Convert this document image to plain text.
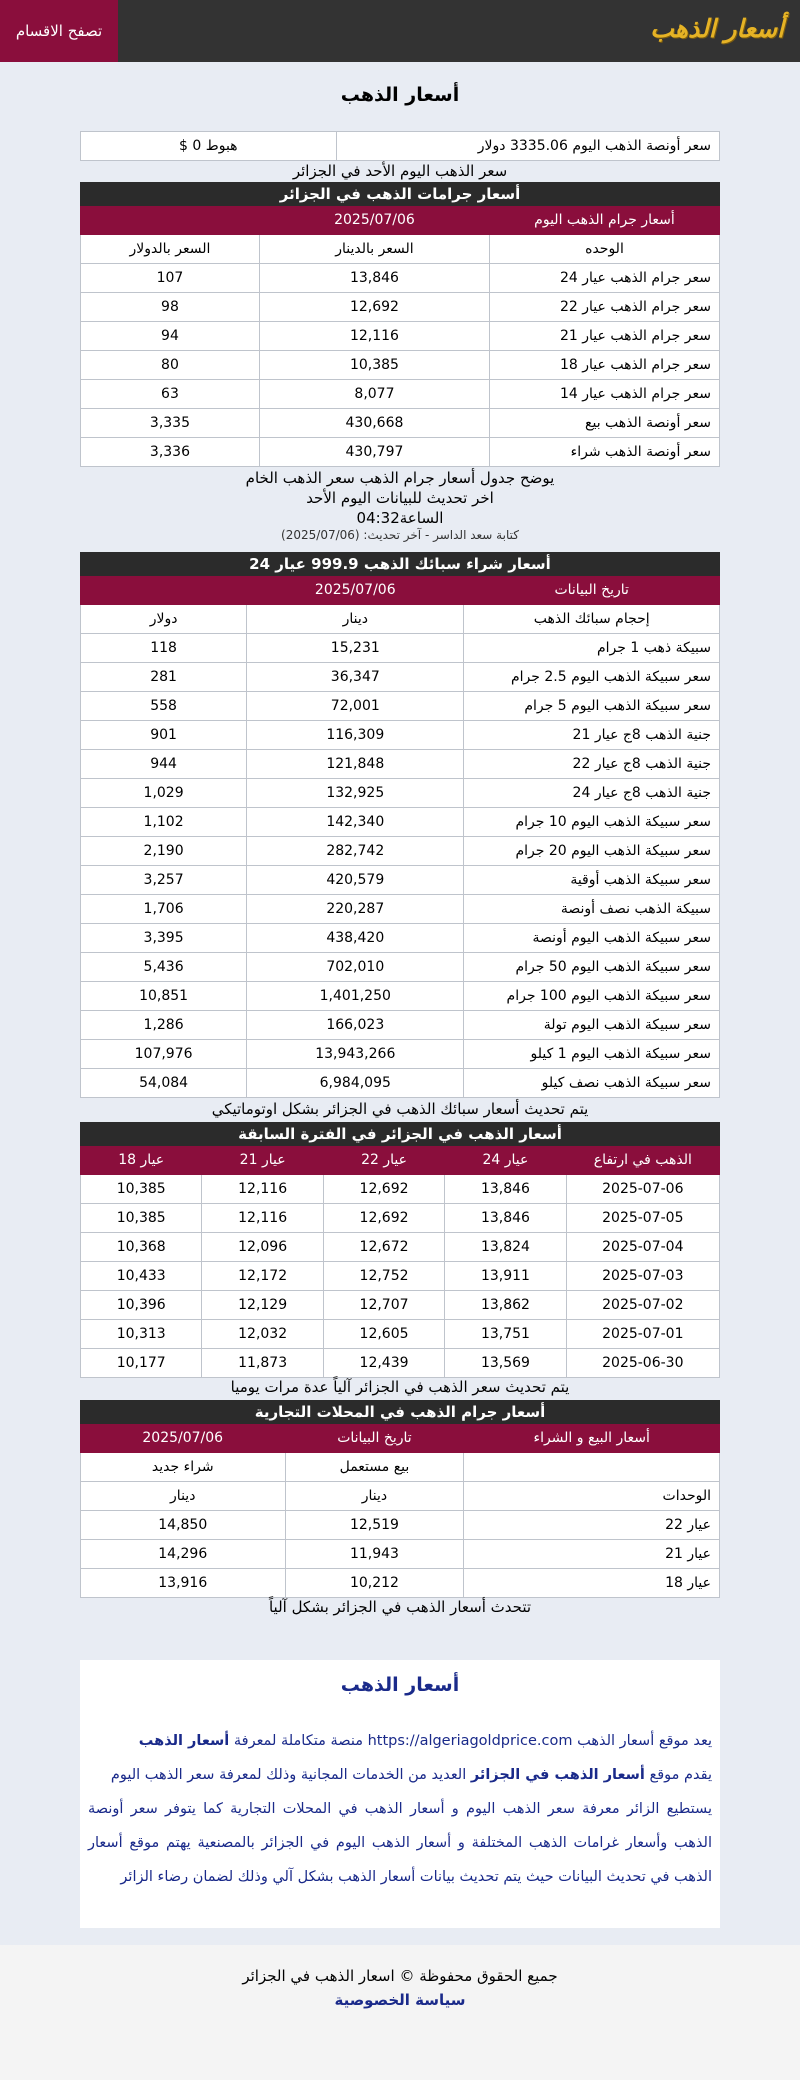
تصفح الاقسام	أسعار الذهب
أسعار الذهب
سعر أونصة الذهب اليوم 3335.06 دولار	هبوط 0 $
سعر الذهب اليوم الأحد في الجزائر
أسعار جرامات الذهب في الجزائر		
أسعار جرام الذهب اليوم	2025/07/06	
الوحده	السعر بالدينار	السعر بالدولار
سعر جرام الذهب عيار 24	13,846	107
سعر جرام الذهب عيار 22	12,692	98
سعر جرام الذهب عيار 21	12,116	94
سعر جرام الذهب عيار 18	10,385	80
سعر جرام الذهب عيار 14	8,077	63
سعر أونصة الذهب بيع	430,668	3,335
سعر أونصة الذهب شراء	430,797	3,336
يوضح جدول أسعار جرام الذهب سعر الذهب الخام
اخر تحديث للبيانات اليوم الأحد
الساعة04:32
كتابة سعد الداسر - آخر تحديث: (2025/07/06)
أسعار شراء سبائك الذهب 999.9 عيار 24		
تاريخ البيانات	2025/07/06	
إحجام سبائك الذهب	دينار	دولار
سبيكة ذهب 1 جرام	15,231	118
سعر سبيكة الذهب اليوم 2.5 جرام	36,347	281
سعر سبيكة الذهب اليوم 5 جرام	72,001	558
جنية الذهب 8ج عيار 21	116,309	901
جنية الذهب 8ج عيار 22	121,848	944
جنية الذهب 8ج عيار 24	132,925	1,029
سعر سبيكة الذهب اليوم 10 جرام	142,340	1,102
سعر سبيكة الذهب اليوم 20 جرام	282,742	2,190
سعر سبيكة الذهب أوقية	420,579	3,257
سبيكة الذهب نصف أونصة	220,287	1,706
سعر سبيكة الذهب اليوم أونصة	438,420	3,395
سعر سبيكة الذهب اليوم 50 جرام	702,010	5,436
سعر سبيكة الذهب اليوم 100 جرام	1,401,250	10,851
سعر سبيكة الذهب اليوم تولة	166,023	1,286
سعر سبيكة الذهب اليوم 1 كيلو	13,943,266	107,976
سعر سبيكة الذهب نصف كيلو	6,984,095	54,084
يتم تحديث أسعار سبائك الذهب في الجزائر بشكل اوتوماتيكي
أسعار الذهب في الجزائر في الفترة السابقة				
الذهب في ارتفاع	عيار 24	عيار 22	عيار 21	عيار 18
2025-07-06	13,846	12,692	12,116	10,385
2025-07-05	13,846	12,692	12,116	10,385
2025-07-04	13,824	12,672	12,096	10,368
2025-07-03	13,911	12,752	12,172	10,433
2025-07-02	13,862	12,707	12,129	10,396
2025-07-01	13,751	12,605	12,032	10,313
2025-06-30	13,569	12,439	11,873	10,177
يتم تحديث سعر الذهب في الجزائر آلياً عدة مرات يوميا
أسعار جرام الذهب في المحلات التجارية		
أسعار البيع و الشراء	تاريخ البيانات	2025/07/06
	بيع مستعمل	شراء جديد
الوحدات	دينار	دينار
عيار 22	12,519	14,850
عيار 21	11,943	14,296
عيار 18	10,212	13,916
تتحدث أسعار الذهب في الجزائر بشكل آلياً
أسعار الذهب

يعد موقع أسعار الذهب https://algeriagoldprice.com منصة متكاملة لمعرفة أسعار الذهب

يقدم موقع أسعار الذهب في الجزائر العديد من الخدمات المجانية وذلك لمعرفة سعر الذهب اليوم

يستطيع الزائر معرفة سعر الذهب اليوم و أسعار الذهب في المحلات التجارية كما يتوفر سعر أونصة الذهب وأسعار غرامات الذهب المختلفة و أسعار الذهب اليوم في الجزائر بالمصنعية يهتم موقع أسعار الذهب في تحديث البيانات حيث يتم تحديث بيانات أسعار الذهب بشكل آلي وذلك لضمان رضاء الزائر

جميع الحقوق محفوظة © اسعار الذهب في الجزائر
سياسة الخصوصية
